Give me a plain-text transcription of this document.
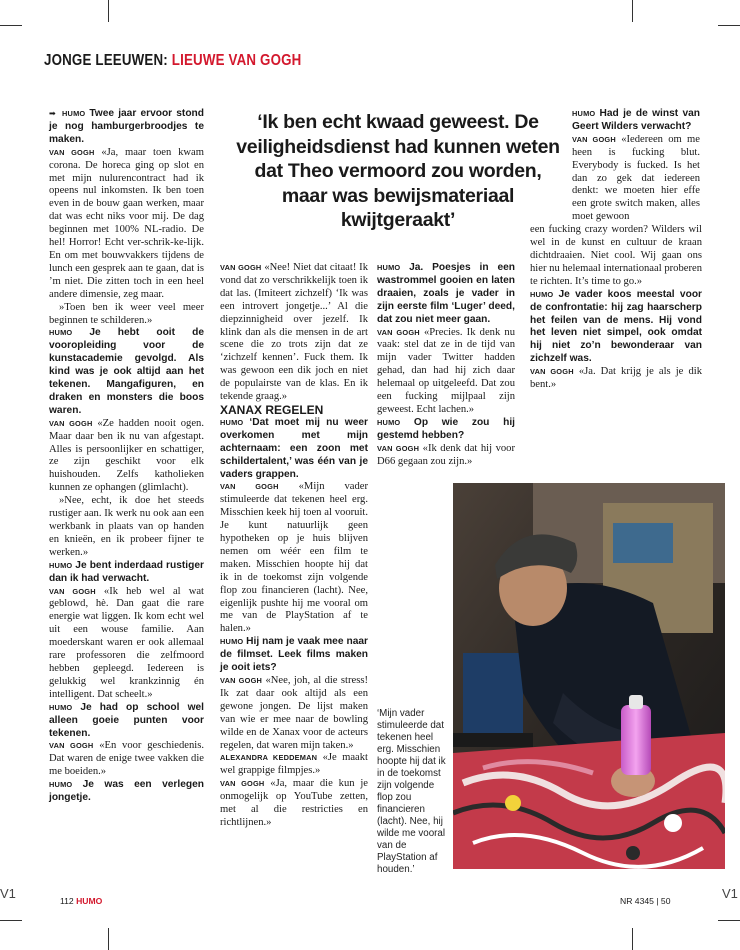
V1	V1
JONGE LEEUWEN: LIEUWE VAN GOGH

➡ HUMO Twee jaar ervoor stond je nog hamburgerbroodjes te maken.

VAN GOGH «Ja, maar toen kwam corona. De horeca ging op slot en met mijn nulurencontract had ik opeens nul inkomsten. Ik ben toen even in de bouw gaan werken, maar dat was echt niks voor mij. De dag beginnen met 100% NL-radio. De hel! Horror! Echt ver-schrik-ke-lijk. En om met bouwvakkers tijdens de lunch een gesprek aan te gaan, dat is ’m niet. Die zitten toch in een heel andere dimensie, zeg maar.

»Toen ben ik weer veel meer beginnen te schilderen.»

HUMO Je hebt ooit de vooropleiding voor de kunstacademie gevolgd. Als kind was je ook altijd aan het tekenen. Mangafiguren, en draken en monsters die boos waren.

VAN GOGH «Ze hadden nooit ogen. Maar daar ben ik nu van afgestapt. Alles is persoonlijker en schattiger, ze zijn geschikt voor elk huishouden. Zelfs katholieken kunnen ze ophangen (glimlacht).

»Nee, echt, ik doe het steeds rustiger aan. Ik werk nu ook aan een werkbank in plaats van op handen en knieën, en ik probeer fijner te werken.»

HUMO Je bent inderdaad rustiger dan ik had verwacht.

VAN GOGH «Ik heb wel al wat geblowd, hè. Dan gaat die rare energie wat liggen. Ik kom echt wel uit een wouse familie. Aan moederskant waren er ook allemaal rare professoren die zelfmoord hebben gepleegd. Iedereen is gelukkig wel krankzinnig én intelligent. Dat scheelt.»

HUMO Je had op school wel alleen goeie punten voor tekenen.

VAN GOGH «En voor geschiedenis. Dat waren de enige twee vakken die me boeiden.»

HUMO Je was een verlegen jongetje.

‘Ik ben echt kwaad geweest. De veiligheidsdienst had kunnen weten dat Theo vermoord zou worden, maar was bewijsmateriaal kwijtgeraakt’

VAN GOGH «Nee! Niet dat citaat! Ik vond dat zo verschrikkelijk toen ik dat las. (Imiteert zichzelf) ‘Ik was een introvert jongetje...’ Al die diepzinnigheid over jezelf. Ik klink dan als die mensen in de art scene die zo trots zijn dat ze ‘zichzelf kennen’. Fuck them. Ik was gewoon een dik joch en niet de populairste van de klas. En ik tekende graag.»

XANAX REGELEN

HUMO ‘Dat moet mij nu weer overkomen met mijn achternaam: een zoon met schildertalent,’ was één van je vaders grappen.

VAN GOGH «Mijn vader stimuleerde dat tekenen heel erg. Misschien keek hij toen al vooruit. Je kunt natuurlijk geen hypotheken op je huis blijven nemen om wéér een film te maken. Misschien hoopte hij dat ik in de toekomst zijn volgende flop zou financieren (lacht). Nee, eigenlijk pushte hij me vooral om me van de PlayStation af te halen.»

HUMO Hij nam je vaak mee naar de filmset. Leek films maken je ooit iets?

VAN GOGH «Nee, joh, al die stress! Ik zat daar ook altijd als een gewone jongen. De lijst maken van wie er mee naar de bowling wilde en de Xanax voor de acteurs regelen, dat waren mijn taken.»

ALEXANDRA KEDDEMAN «Je maakt wel grappige filmpjes.»

VAN GOGH «Ja, maar die kun je onmogelijk op YouTube zetten, met al die restricties en richtlijnen.»

HUMO Ja. Poesjes in een wastrommel gooien en laten draaien, zoals je vader in zijn eerste film ‘Luger’ deed, dat zou niet meer gaan.

VAN GOGH «Precies. Ik denk nu vaak: stel dat ze in de tijd van mijn vader Twitter hadden gehad, dan had hij zich daar helemaal op uitgeleefd. Dat zou een fucking mijlpaal zijn geweest. Echt lachen.»

HUMO Op wie zou hij gestemd hebben?

VAN GOGH «Ik denk dat hij voor D66 gegaan zou zijn.»

HUMO Had je de winst van Geert Wilders verwacht?

VAN GOGH «Iedereen om me heen is fucking blut. Everybody is fucked. Is het dan zo gek dat iedereen denkt: we moeten hier effe een grote switch maken, alles moet gewoon

een fucking crazy worden? Wilders wil wel in de kunst en cultuur de kraan dichtdraaien. Niet cool. Wij gaan ons hier nu helemaal internationaal proberen te richten. It’s time to go.»

HUMO Je vader koos meestal voor de confrontatie: hij zag haarscherp het feilen van de mens. Hij vond het leven niet simpel, ook omdat hij niet zo’n bewonderaar van zichzelf was.

VAN GOGH «Ja. Dat krijg je als je dik bent.»

‘Mijn vader stimuleerde dat tekenen heel erg. Misschien hoopte hij dat ik in de toekomst zijn volgende flop zou financieren (lacht). Nee, hij wilde me vooral van de PlayStation af houden.’
112 HUMO	NR 4345 | 50
